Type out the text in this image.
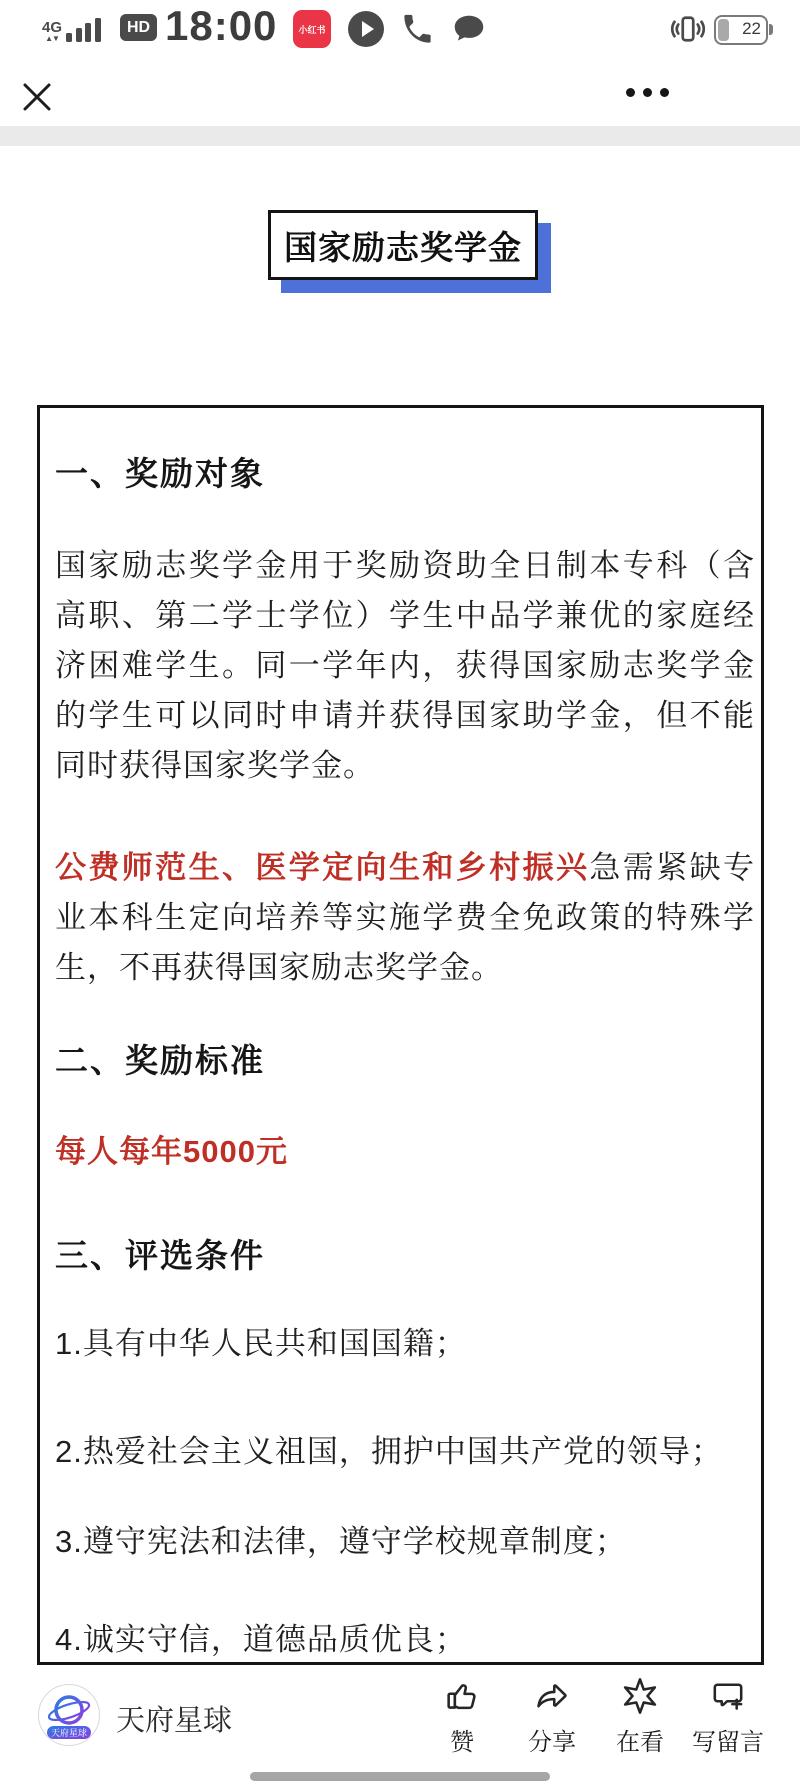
4G
▲▼
HD 18:00	小红书	22
国家励志奖学金
一、奖励对象
国家励志奖学金用于奖励资助全日制本专科（含高职、第二学士学位）学生中品学兼优的家庭经济困难学生。同一学年内，获得国家励志奖学金的学生可以同时申请并获得国家助学金，但不能同时获得国家奖学金。
公费师范生、医学定向生和乡村振兴急需紧缺专业本科生定向培养等实施学费全免政策的特殊学生，不再获得国家励志奖学金。
二、奖励标准
每人每年5000元
三、评选条件
1.具有中华人民共和国国籍；
2.热爱社会主义祖国，拥护中国共产党的领导；
3.遵守宪法和法律，遵守学校规章制度；
4.诚实守信，道德品质优良；
天府星球 天府星球
赞 分享 在看 写留言
